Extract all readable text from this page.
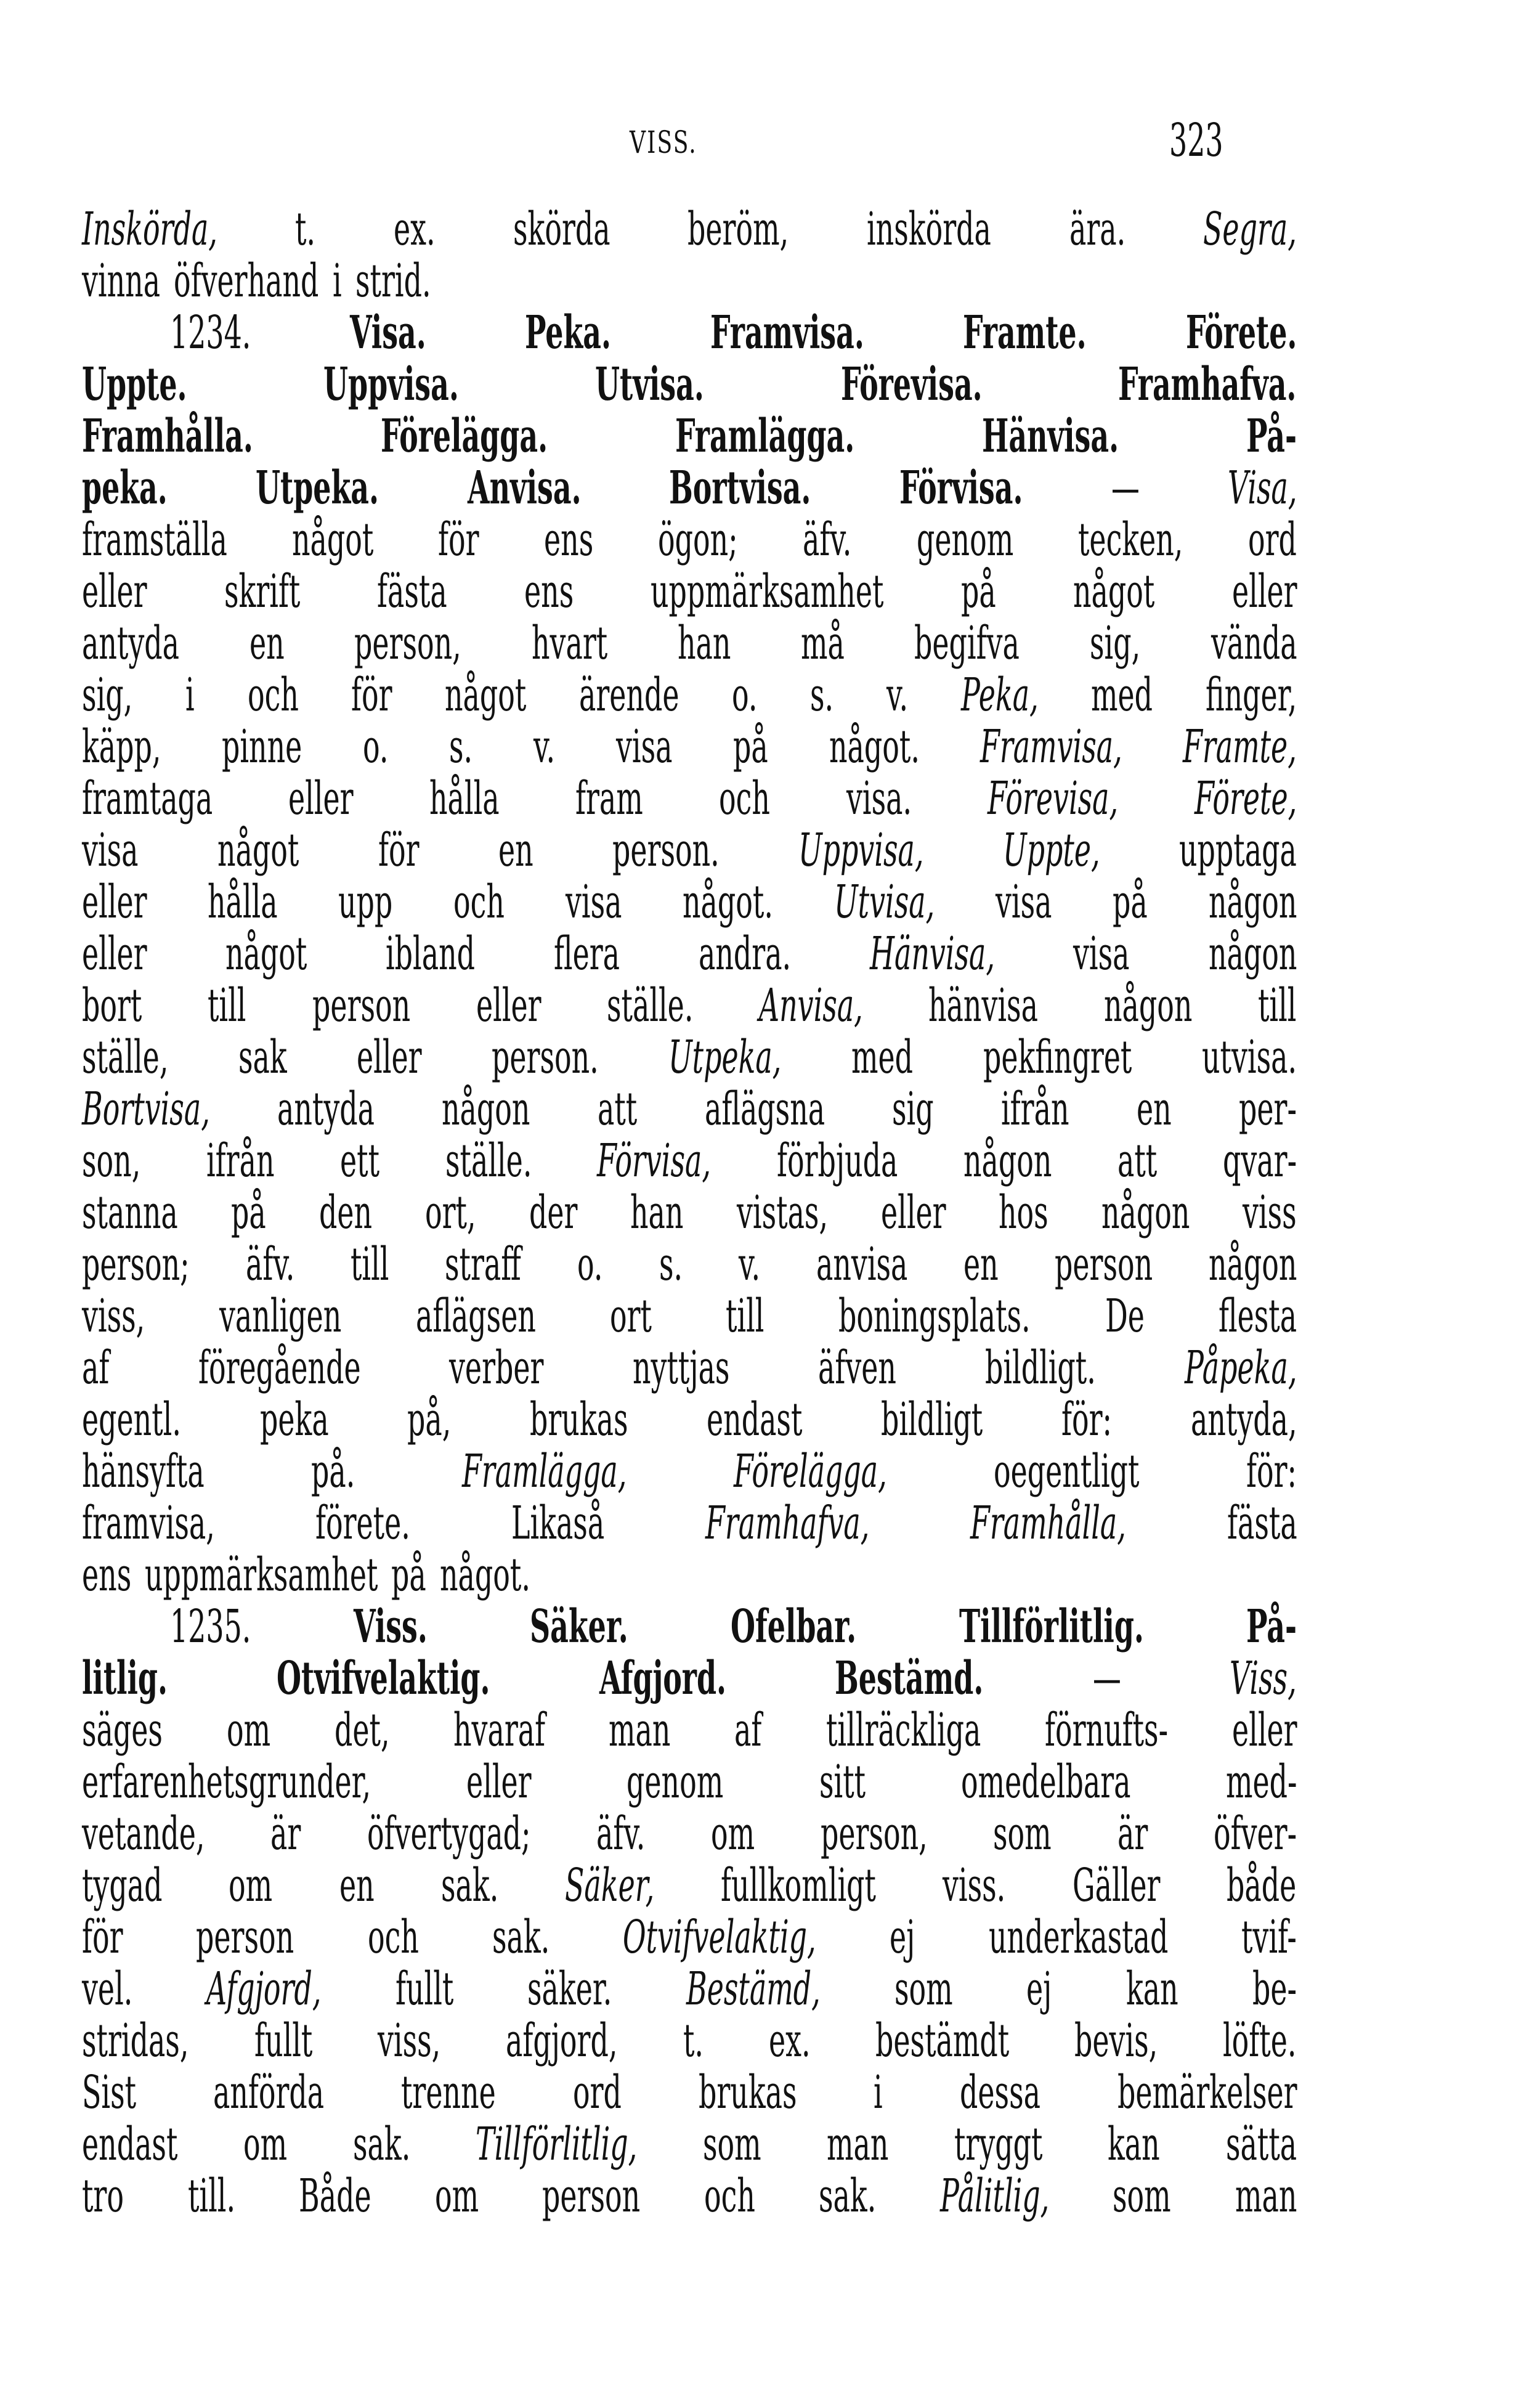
VISS.	323
Inskörda, t. ex. skörda beröm, inskörda ära. Segra,
vinna öfverhand i strid.
1234. Visa. Peka. Framvisa. Framte. Förete.
Uppte.	Uppvisa.	Utvisa.	Förevisa.	Framhafva.
Framhålla.	Förelägga.	Framlägga.	Hänvisa.	På-
peka. Utpeka. Anvisa. Bortvisa. Förvisa. — Visa,
framställa något för ens ögon; äfv. genom tecken, ord
eller skrift fästa ens uppmärksamhet på något eller
antyda en person, hvart han må begifva sig, vända
sig, i och för något ärende o. s. v. Peka, med finger,
käpp, pinne o. s. v. visa på något. Framvisa, Framte,
framtaga eller hålla fram och visa. Förevisa, Förete,
visa något för en person. Uppvisa, Uppte, upptaga
eller hålla upp och visa något. Utvisa, visa på någon
eller något ibland flera andra. Hänvisa, visa någon
bort till person eller ställe. Anvisa, hänvisa någon till
ställe, sak eller person. Utpeka, med pekfingret utvisa.
Bortvisa, antyda någon att aflägsna sig ifrån en per-
son, ifrån ett ställe. Förvisa, förbjuda någon att qvar-
stanna på den ort, der han vistas, eller hos någon viss
person; äfv. till straff o. s. v. anvisa en person någon
viss, vanligen aflägsen ort till boningsplats. De flesta
af föregående verber nyttjas äfven bildligt. Påpeka,
egentl. peka på, brukas endast bildligt för: antyda,
hänsyfta på. Framlägga, Förelägga, oegentligt för:
framvisa, förete. Likaså Framhafva, Framhålla, fästa
ens uppmärksamhet på något.
1235. Viss. Säker. Ofelbar. Tillförlitlig. På-
litlig. Otvifvelaktig. Afgjord. Bestämd. — Viss,
säges om det, hvaraf man af tillräckliga förnufts- eller
erfarenhetsgrunder, eller genom sitt omedelbara med-
vetande, är öfvertygad; äfv. om person, som är öfver-
tygad om en sak. Säker, fullkomligt viss. Gäller både
för person och sak. Otvifvelaktig, ej underkastad tvif-
vel. Afgjord, fullt säker. Bestämd, som ej kan be-
stridas, fullt viss, afgjord, t. ex. bestämdt bevis, löfte.
Sist anförda trenne ord brukas i dessa bemärkelser
endast om sak. Tillförlitlig, som man tryggt kan sätta
tro till. Både om person och sak. Pålitlig, som man
